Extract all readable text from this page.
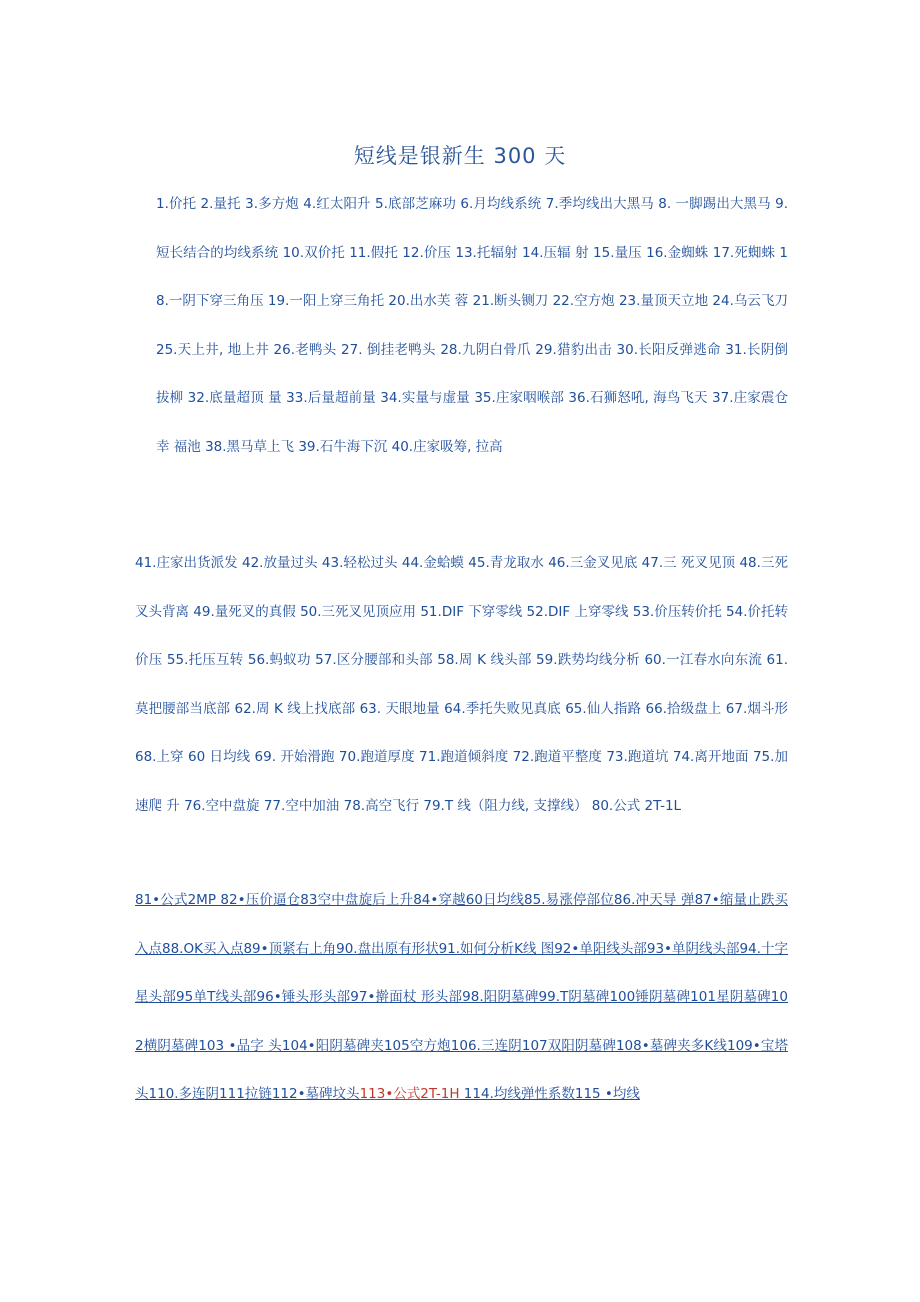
短线是银新生 300 天

1.价托 2.量托 3.多方炮 4.红太阳升 5.底部芝麻功 6.月均线系统 7.季均线出大黑马 8. 一脚踢出大黑马 9.短长结合的均线系统 10.双价托 11.假托 12.价压 13.托辐射 14.压辐 射 15.量压 16.金蜘蛛 17.死蜘蛛 18.一阴下穿三角压 19.一阳上穿三角托 20.出水芙 蓉 21.断头铡刀 22.空方炮 23.量顶天立地 24.乌云飞刀 25.天上井, 地上井 26.老鸭头 27. 倒挂老鸭头 28.九阴白骨爪 29.猎豹出击 30.长阳反弹逃命 31.长阴倒拔柳 32.底量超顶 量 33.后量超前量 34.实量与虚量 35.庄家咽喉部 36.石狮怒吼, 海鸟飞天 37.庄家震仓幸 福池 38.黑马草上飞 39.石牛海下沉 40.庄家吸筹, 拉高

41.庄家出货派发 42.放量过头 43.轻松过头 44.金蛤蟆 45.青龙取水 46.三金叉见底 47.三 死叉见顶 48.三死叉头背离 49.量死叉的真假 50.三死叉见顶应用 51.DIF 下穿零线 52.DIF 上穿零线 53.价压转价托 54.价托转价压 55.托压互转 56.蚂蚁功 57.区分腰部和头部 58.周 K 线头部 59.跌势均线分析 60.一江春水向东流 61.莫把腰部当底部 62.周 K 线上找底部 63. 天眼地量 64.季托失败见真底 65.仙人指路 66.拾级盘上 67.烟斗形 68.上穿 60 日均线 69. 开始滑跑 70.跑道厚度 71.跑道倾斜度 72.跑道平整度 73.跑道坑 74.离开地面 75.加速爬 升 76.空中盘旋 77.空中加油 78.高空飞行 79.T 线（阻力线, 支撑线） 80.公式 2T-1L

81•公式2MP 82•压价逼仓83空中盘旋后上升84•穿越60日均线85.易涨停部位86.冲天导 弹87•缩量止跌买入点88.OK买入点89•顶紧右上角90.盘出原有形状91.如何分析K线 图92•单阳线头部93•单阴线头部94.十字星头部95单T线头部96•锤头形头部97•擀面杖 形头部98.阳阴墓碑99.T阴墓碑100锤阴墓碑101星阴墓碑102横阴墓碑103 •品字 头104•阳阴墓碑夹105空方炮106.三连阴107双阳阴墓碑108•墓碑夹多K线109•宝塔 头110.多连阴111拉链112•墓碑坟头113•公式2T-1H 114.均线弹性系数115 •均线
